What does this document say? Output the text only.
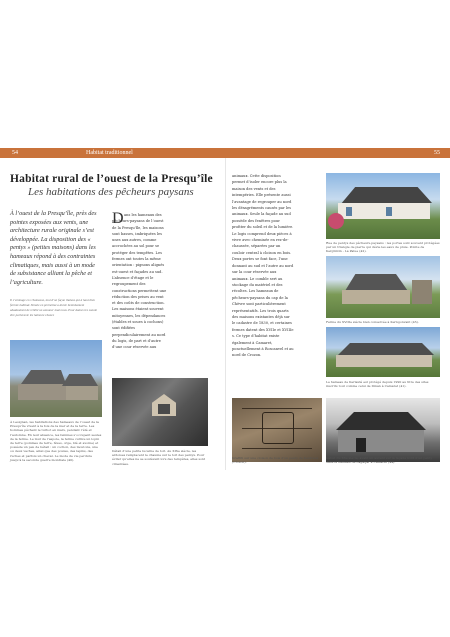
54	Habitat traditionnel	55
Habitat rural de l’ouest de la Presqu’île
Les habitations des pêcheurs paysans

À l’ouest de la Presqu’île, près des pointes exposées aux vents, une architecture rurale originale s’est développée. La disposition des « pentys » (petites maisons) dans les hameaux répond à des contraintes climatiques, mais aussi à un mode de subsistance alliant la pêche et l’agriculture.

Il s’emmage en s’hameaux, tout d’un façon thalass qui à haut bien fermée habitud. Simule en permettez a durée beninhament abadaument de reliété un annoner mais tous. Pour dames les sonole étre parleravie les habeure chance

D ans les hameaux des pêcheurs-paysans de l’ouest de la Presqu’île, les maisons sont basses, imbriquées les unes aux autres, comme accrochées au sol pour se protéger des tempêtes. Les fermes ont toutes la même orientation : pignons alignés est-ouest et façades au sud. L’absence d’étage et le regroupement des constructions permettent une réduction des prises au vent et des coûts de construction. Les maisons étaient souvent mitoyennes, les dépendances (étables et soues à cochons) sont édifiées perpendiculairement au nord du logis, de part et d’autre d’une cour réservée aux

animaux. Cette disposition permet d’isoler encore plus la maison des vents et des intempéries. Elle présente aussi l’avantage de regrouper au nord les désagréments causés par les animaux. Seule la façade au sud possède des fenêtres pour profiter du soleil et de la lumière. Le logis comprend deux pièces à vivre avec cheminée en rez-de-chaussée, séparées par un couloir central à cloison en bois. Deux portes se font face, l’une donnant au sud et l’autre au nord sur la cour réservée aux animaux. Le comble sert au stockage du matériel et des récoltes. Les hameaux de pêcheurs-paysans du cap de la Chèvre sont particulièrement représentatifs. Les trois quarts des maisons existantes déjà sur le cadastre de 1830, et certaines fermes datent des XVIIe et XVIIIe s. Ce type d’habitat existe également à Camaret, ponctuellement à Roscanvel et au nord de Crozon.

À Lesignan, les habitations des hameaux de l’ouest de la Presqu’île vivent à la fois de la mer et de la terre. Les hommes pêchent le turbot en mars, pendant l’été et l’automne. En leur absence, les femmes s’occupent seules de la ferme. Le mur de l’aspole, la ferme cultive un lopin de terre (pommes de terre, fèves, orge, blé et avoine) et possède un peu de bétail : un cochon, des moutons, une ou deux vaches, ainsi que des poules, des lapins, des ruches et parfois un cheval. Le mode de vie perdure jusqu’à la seconde guerre mondiale (40).

Détail d’une petite lucarne de toit. Au XIXe siècle, les ardoises remplacent le chaume sur le toit des pentys. Pour éviter qu’elles ne se soulèvent lors des tempêtes, elles sont cimentées.

Rue de pentys des pêcheurs-paysans : les portes sont souvent protégées par un triangle de pierre qui dévie les eaux de pluie. Pointe de Kerglintin - La Palue (42).

Ferme du XVIIIe siècle bien conservée à Kerngonvant (45).

Le hameau de Kerlaidé est protégé depuis 1990 au titre des sites inscrits tout comme celui de Dinan à Camaret (41).

Graffiti sur une cloison de bois d’un penty de Kerdreux (Crozon).

Début du XXe siècle, avant un auvent sur la façade nord d’un penty dans le hameau de Lagatjar à Camaret (44).
